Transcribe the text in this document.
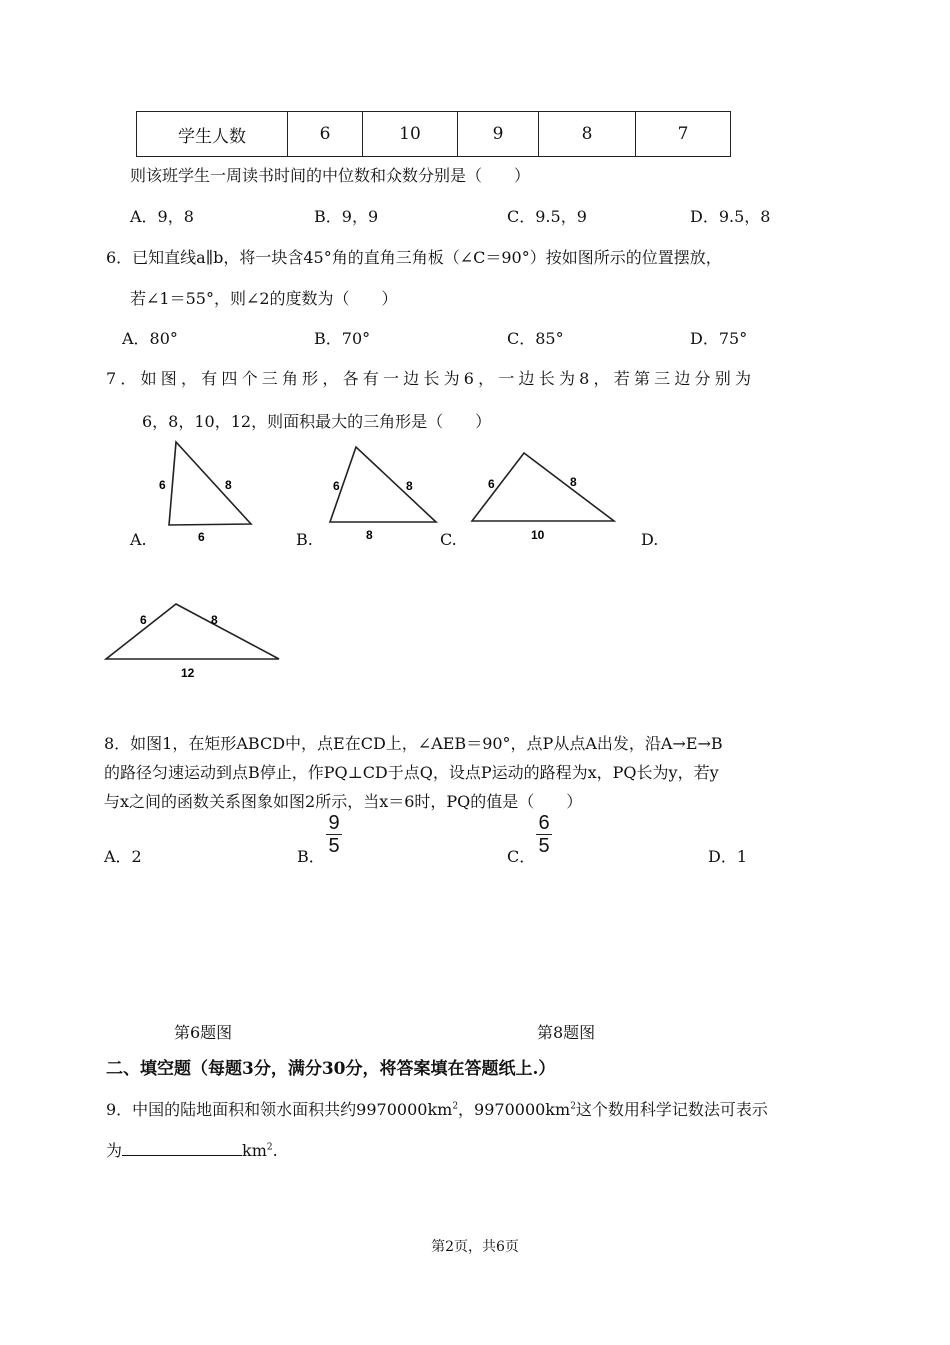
学生人数	6	10	9	8	7
则该班学生一周读书时间的中位数和众数分别是（　　）
A．9，8	B．9，9	C．9.5，9	D．9.5，8
6．已知直线a∥b，将一块含45°角的直角三角板（∠C＝90°）按如图所示的位置摆放，
若∠1＝55°，则∠2的度数为（　　）
A．80°	B．70°	C．85°	D．75°
7．如图，有四个三角形，各有一边长为6，一边长为8，若第三边分别为
6，8，10，12，则面积最大的三角形是（　　）
6	8
6
A.
6	8
8
B.
6	8
10
C.	D.
6	8
12
8．如图1，在矩形ABCD中，点E在CD上，∠AEB＝90°，点P从点A出发，沿A→E→B
的路径匀速运动到点B停止，作PQ⊥CD于点Q，设点P运动的路程为x，PQ长为y，若y
与x之间的函数关系图象如图2所示，当x＝6时，PQ的值是（　　）
A．2	B．
9
5	C．
6
5	D．1
第6题图	第8题图
二、填空题（每题3分，满分30分，将答案填在答题纸上.）
9．中国的陆地面积和领水面积共约$9970000km^2$，$9970000km^2$这个数用科学记数法可表示
为	$km^2$.
第2页，共6页
